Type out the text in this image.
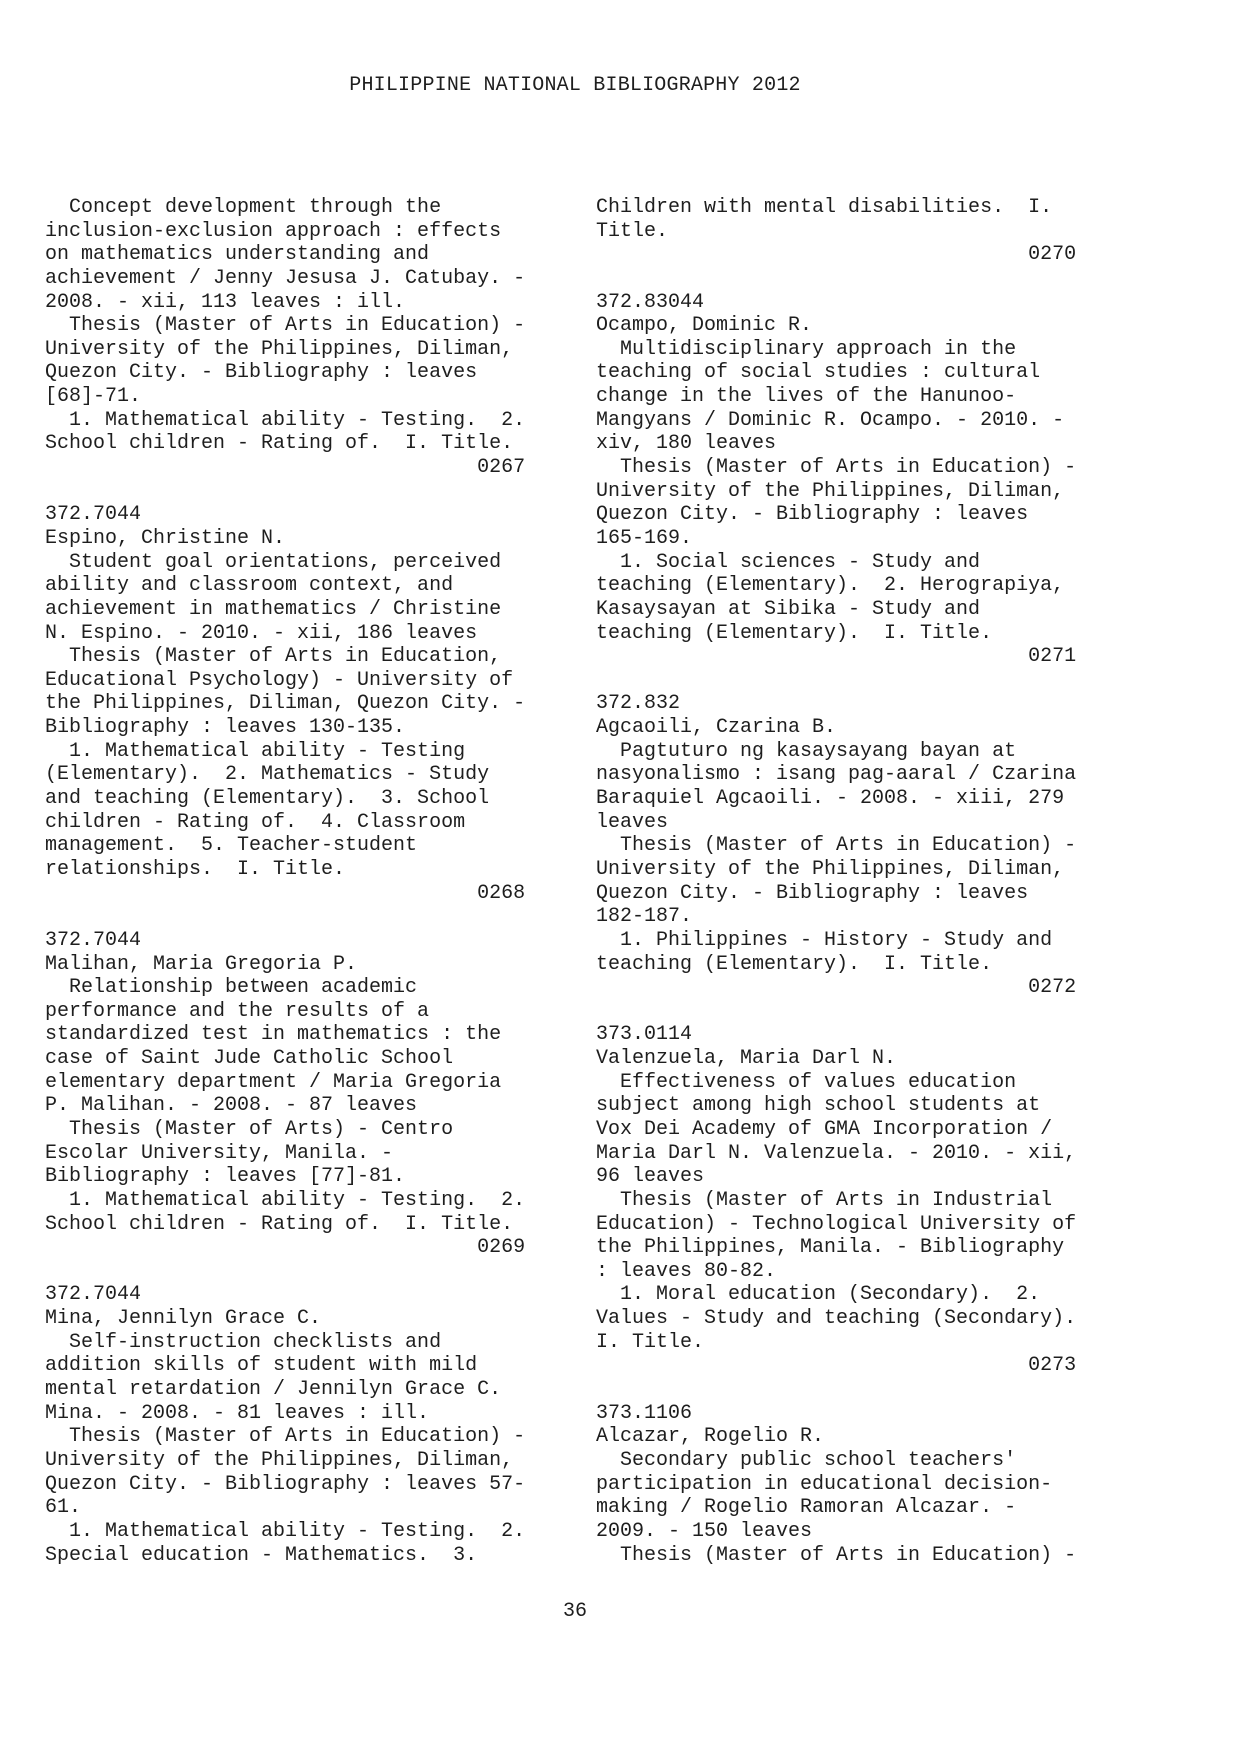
PHILIPPINE NATIONAL BIBLIOGRAPHY 2012
Concept development through the
inclusion-exclusion approach : effects
on mathematics understanding and
achievement / Jenny Jesusa J. Catubay. -
2008. - xii, 113 leaves : ill.
Thesis (Master of Arts in Education) -
University of the Philippines, Diliman,
Quezon City. - Bibliography : leaves
[68]-71.
1. Mathematical ability - Testing.  2.
School children - Rating of.  I. Title.
0267
372.7044
Espino, Christine N.
Student goal orientations, perceived
ability and classroom context, and
achievement in mathematics / Christine
N. Espino. - 2010. - xii, 186 leaves
Thesis (Master of Arts in Education,
Educational Psychology) - University of
the Philippines, Diliman, Quezon City. -
Bibliography : leaves 130-135.
1. Mathematical ability - Testing
(Elementary).  2. Mathematics - Study
and teaching (Elementary).  3. School
children - Rating of.  4. Classroom
management.  5. Teacher-student
relationships.  I. Title.
0268
372.7044
Malihan, Maria Gregoria P.
Relationship between academic
performance and the results of a
standardized test in mathematics : the
case of Saint Jude Catholic School
elementary department / Maria Gregoria
P. Malihan. - 2008. - 87 leaves
Thesis (Master of Arts) - Centro
Escolar University, Manila. -
Bibliography : leaves [77]-81.
1. Mathematical ability - Testing.  2.
School children - Rating of.  I. Title.
0269
372.7044
Mina, Jennilyn Grace C.
Self-instruction checklists and
addition skills of student with mild
mental retardation / Jennilyn Grace C.
Mina. - 2008. - 81 leaves : ill.
Thesis (Master of Arts in Education) -
University of the Philippines, Diliman,
Quezon City. - Bibliography : leaves 57-
61.
1. Mathematical ability - Testing.  2.
Special education - Mathematics.  3.
Children with mental disabilities.  I.
Title.
0270
372.83044
Ocampo, Dominic R.
Multidisciplinary approach in the
teaching of social studies : cultural
change in the lives of the Hanunoo-
Mangyans / Dominic R. Ocampo. - 2010. -
xiv, 180 leaves
Thesis (Master of Arts in Education) -
University of the Philippines, Diliman,
Quezon City. - Bibliography : leaves
165-169.
1. Social sciences - Study and
teaching (Elementary).  2. Herograpiya,
Kasaysayan at Sibika - Study and
teaching (Elementary).  I. Title.
0271
372.832
Agcaoili, Czarina B.
Pagtuturo ng kasaysayang bayan at
nasyonalismo : isang pag-aaral / Czarina
Baraquiel Agcaoili. - 2008. - xiii, 279
leaves
Thesis (Master of Arts in Education) -
University of the Philippines, Diliman,
Quezon City. - Bibliography : leaves
182-187.
1. Philippines - History - Study and
teaching (Elementary).  I. Title.
0272
373.0114
Valenzuela, Maria Darl N.
Effectiveness of values education
subject among high school students at
Vox Dei Academy of GMA Incorporation /
Maria Darl N. Valenzuela. - 2010. - xii,
96 leaves
Thesis (Master of Arts in Industrial
Education) - Technological University of
the Philippines, Manila. - Bibliography
: leaves 80-82.
1. Moral education (Secondary).  2.
Values - Study and teaching (Secondary).
I. Title.
0273
373.1106
Alcazar, Rogelio R.
Secondary public school teachers'
participation in educational decision-
making / Rogelio Ramoran Alcazar. -
2009. - 150 leaves
Thesis (Master of Arts in Education) -
36
